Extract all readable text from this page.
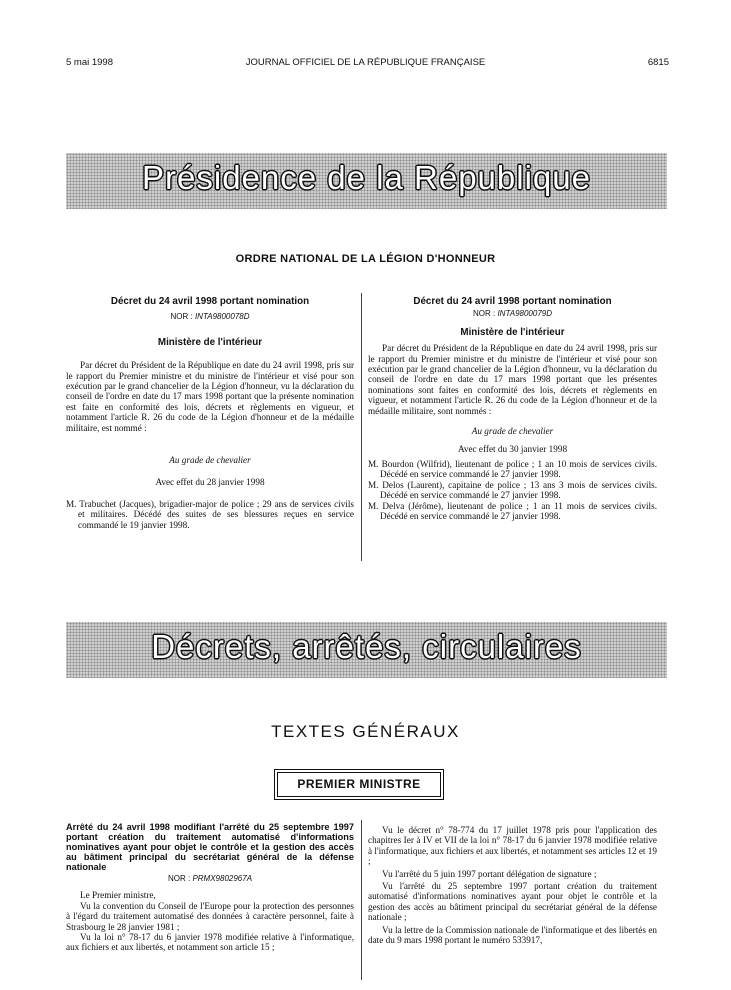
5 mai 1998	JOURNAL OFFICIEL DE LA RÉPUBLIQUE FRANÇAISE	6815
Présidence de la République
ORDRE NATIONAL DE LA LÉGION D'HONNEUR

Décret du 24 avril 1998 portant nomination

NOR : INTA9800078D

Ministère de l'intérieur

Par décret du Président de la République en date du 24 avril 1998, pris sur le rapport du Premier ministre et du ministre de l'intérieur et visé pour son exécution par le grand chancelier de la Légion d'honneur, vu la déclaration du conseil de l'ordre en date du 17 mars 1998 portant que la présente nomination est faite en conformité des lois, décrets et règlements en vigueur, et notamment l'article R. 26 du code de la Légion d'honneur et de la médaille militaire, est nommé :

Au grade de chevalier

Avec effet du 28 janvier 1998

M. Trabuchet (Jacques), brigadier-major de police ; 29 ans de services civils et militaires. Décédé des suites de ses blessures reçues en service commandé le 19 janvier 1998.

Décret du 24 avril 1998 portant nomination

NOR : INTA9800079D

Ministère de l'intérieur

Par décret du Président de la République en date du 24 avril 1998, pris sur le rapport du Premier ministre et du ministre de l'intérieur et visé pour son exécution par le grand chancelier de la Légion d'honneur, vu la déclaration du conseil de l'ordre en date du 17 mars 1998 portant que les présentes nominations sont faites en conformité des lois, décrets et règlements en vigueur, et notamment l'article R. 26 du code de la Légion d'honneur et de la médaille militaire, sont nommés :

Au grade de chevalier

Avec effet du 30 janvier 1998

M. Bourdon (Wilfrid), lieutenant de police ; 1 an 10 mois de services civils. Décédé en service commandé le 27 janvier 1998.

M. Delos (Laurent), capitaine de police ; 13 ans 3 mois de services civils. Décédé en service commandé le 27 janvier 1998.

M. Delva (Jérôme), lieutenant de police ; 1 an 11 mois de services civils. Décédé en service commandé le 27 janvier 1998.

Décrets, arrêtés, circulaires
TEXTES GÉNÉRAUX
PREMIER MINISTRE

Arrêté du 24 avril 1998 modifiant l'arrêté du 25 septembre 1997 portant création du traitement automatisé d'informations nominatives ayant pour objet le contrôle et la gestion des accès au bâtiment principal du secrétariat général de la défense nationale

NOR : PRMX9802967A

Le Premier ministre,

Vu la convention du Conseil de l'Europe pour la protection des personnes à l'égard du traitement automatisé des données à caractère personnel, faite à Strasbourg le 28 janvier 1981 ;

Vu la loi n° 78-17 du 6 janvier 1978 modifiée relative à l'informatique, aux fichiers et aux libertés, et notamment son article 15 ;

Vu le décret n° 78-774 du 17 juillet 1978 pris pour l'application des chapitres Ier à IV et VII de la loi n° 78-17 du 6 janvier 1978 modifiée relative à l'informatique, aux fichiers et aux libertés, et notamment ses articles 12 et 19 ;

Vu l'arrêté du 5 juin 1997 portant délégation de signature ;

Vu l'arrêté du 25 septembre 1997 portant création du traitement automatisé d'informations nominatives ayant pour objet le contrôle et la gestion des accès au bâtiment principal du secrétariat général de la défense nationale ;

Vu la lettre de la Commission nationale de l'informatique et des libertés en date du 9 mars 1998 portant le numéro 533917,
